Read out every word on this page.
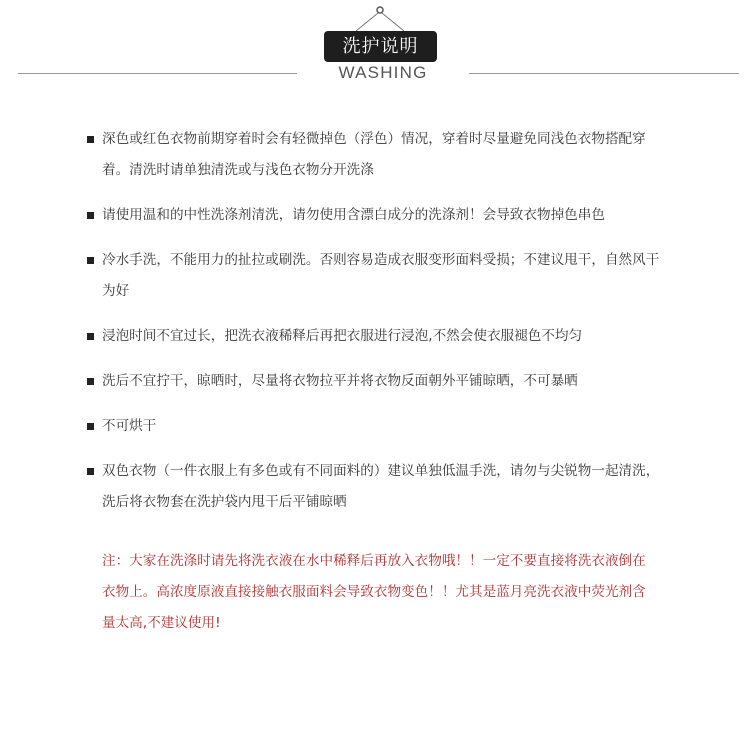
洗护说明
WASHING
深色或红色衣物前期穿着时会有轻微掉色（浮色）情况，穿着时尽量避免同浅色衣物搭配穿着。清洗时请单独清洗或与浅色衣物分开洗涤
请使用温和的中性洗涤剂清洗，请勿使用含漂白成分的洗涤剂！会导致衣物掉色串色
冷水手洗，不能用力的扯拉或刷洗。否则容易造成衣服变形面料受损；不建议甩干，自然风干为好
浸泡时间不宜过长，把洗衣液稀释后再把衣服进行浸泡,不然会使衣服褪色不均匀
洗后不宜拧干，晾晒时，尽量将衣物拉平并将衣物反面朝外平铺晾晒，不可暴晒
不可烘干
双色衣物（一件衣服上有多色或有不同面料的）建议单独低温手洗，请勿与尖锐物一起清洗，洗后将衣物套在洗护袋内甩干后平铺晾晒
注：大家在洗涤时请先将洗衣液在水中稀释后再放入衣物哦！！一定不要直接将洗衣液倒在衣物上。高浓度原液直接接触衣服面料会导致衣物变色！！尤其是蓝月亮洗衣液中荧光剂含量太高,不建议使用!
